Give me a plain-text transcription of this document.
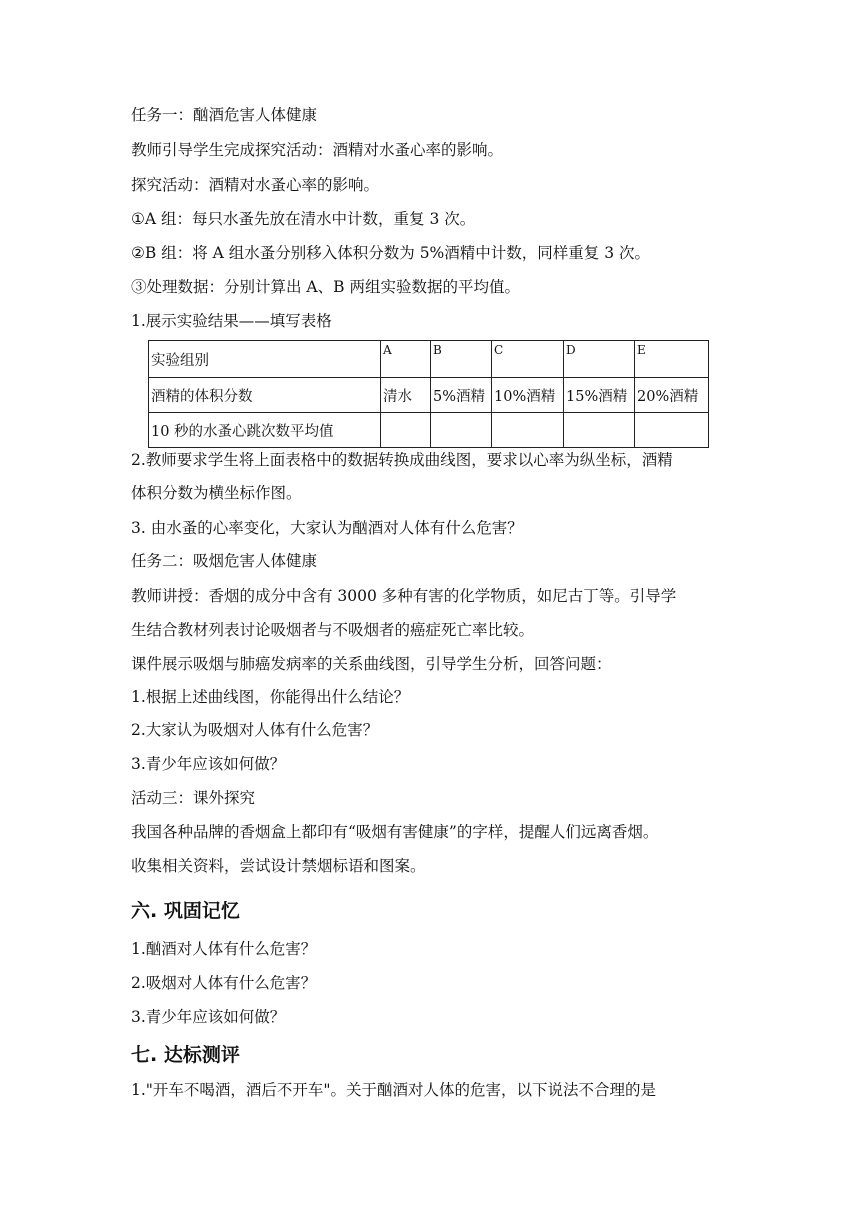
任务一：酗酒危害人体健康
教师引导学生完成探究活动：酒精对水蚤心率的影响。
探究活动：酒精对水蚤心率的影响。
①A 组：每只水蚤先放在清水中计数，重复 3 次。
②B 组：将 A 组水蚤分别移入体积分数为 5%酒精中计数，同样重复 3 次。
③处理数据：分别计算出 A、B 两组实验数据的平均值。
1.展示实验结果——填写表格
实验组别	A	B	C	D	E
酒精的体积分数	清水	5%酒精	10%酒精	15%酒精	20%酒精
10 秒的水蚤心跳次数平均值					
2.教师要求学生将上面表格中的数据转换成曲线图，要求以心率为纵坐标，酒精
体积分数为横坐标作图。
3. 由水蚤的心率变化，大家认为酗酒对人体有什么危害？
任务二：吸烟危害人体健康
教师讲授：香烟的成分中含有 3000 多种有害的化学物质，如尼古丁等。引导学
生结合教材列表讨论吸烟者与不吸烟者的癌症死亡率比较。
课件展示吸烟与肺癌发病率的关系曲线图，引导学生分析，回答问题：
1.根据上述曲线图，你能得出什么结论？
2.大家认为吸烟对人体有什么危害？
3.青少年应该如何做？
活动三：课外探究
我国各种品牌的香烟盒上都印有“吸烟有害健康”的字样，提醒人们远离香烟。
收集相关资料，尝试设计禁烟标语和图案。
六. 巩固记忆
1.酗酒对人体有什么危害？
2.吸烟对人体有什么危害？
3.青少年应该如何做？
七. 达标测评
1."开车不喝酒，酒后不开车"。关于酗酒对人体的危害，以下说法不合理的是
